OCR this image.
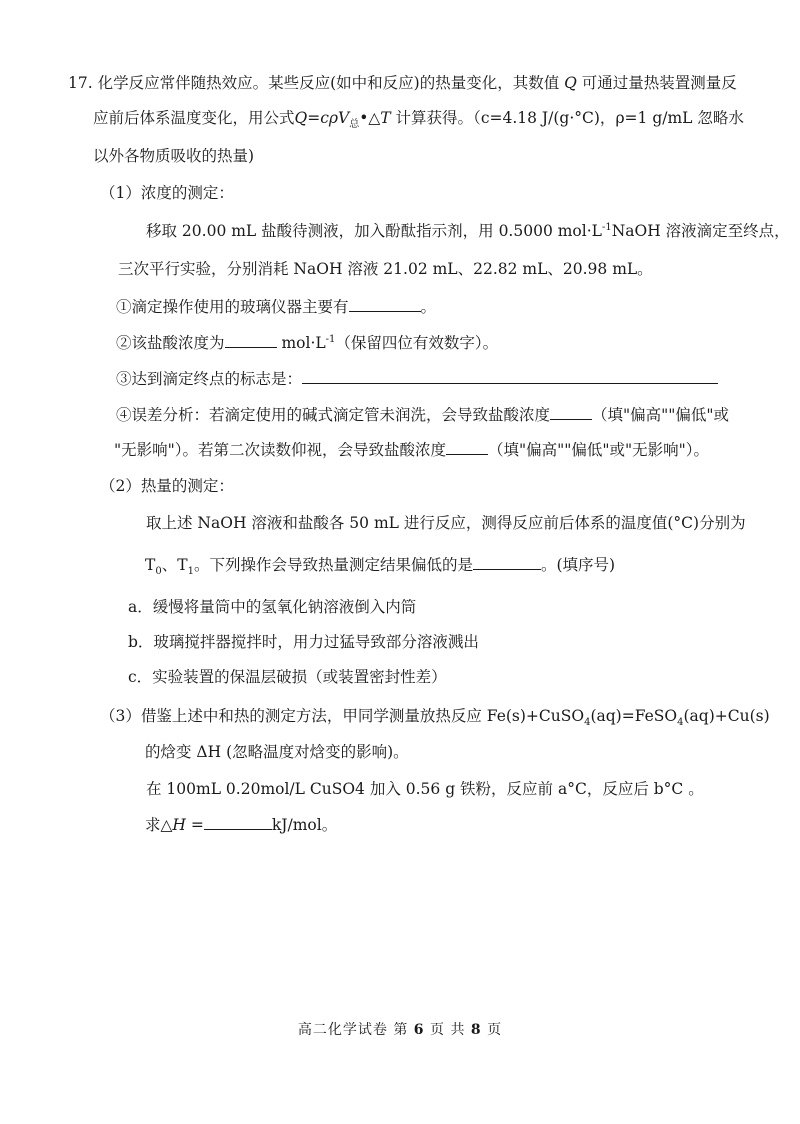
17. 化学反应常伴随热效应。某些反应(如中和反应)的热量变化，其数值 Q 可通过量热装置测量反
应前后体系温度变化，用公式Q=cρV$_总$•△T 计算获得。（c=4.18 J/(g·°C)，ρ=1 g/mL 忽略水
以外各物质吸收的热量)
（1）浓度的测定：
移取 20.00 mL 盐酸待测液，加入酚酞指示剂，用 0.5000 $mol\cdot L^{-1}NaOH$ 溶液滴定至终点，
三次平行实验，分别消耗 NaOH 溶液 21.02 mL、22.82 mL、20.98 mL。
①滴定操作使用的玻璃仪器主要有	。
②该盐酸浓度为	$mol\cdot L^{-1}$（保留四位有效数字）。
③达到滴定终点的标志是：
④误差分析：若滴定使用的碱式滴定管未润洗，会导致盐酸浓度	（填"偏高""偏低"或
"无影响"）。若第二次读数仰视，会导致盐酸浓度	（填"偏高""偏低"或"无影响"）。
（2）热量的测定：
取上述 NaOH 溶液和盐酸各 50 mL 进行反应，测得反应前后体系的温度值(°C)分别为
$T_0$、$T_1$。下列操作会导致热量测定结果偏低的是	。(填序号)
a．缓慢将量筒中的氢氧化钠溶液倒入内筒
b．玻璃搅拌器搅拌时，用力过猛导致部分溶液溅出
c．实验装置的保温层破损（或装置密封性差）
（3）借鉴上述中和热的测定方法，甲同学测量放热反应 Fe(s)+CuSO$_4$(aq)=FeSO$_4$(aq)+Cu(s)
的焓变 ΔH (忽略温度对焓变的影响)。
在 100mL 0.20mol/L CuSO4 加入 0.56 g 铁粉，反应前 a°C，反应后 b°C 。
求△H =	kJ/mol。
高二化学试卷 第 6 页 共 8 页
